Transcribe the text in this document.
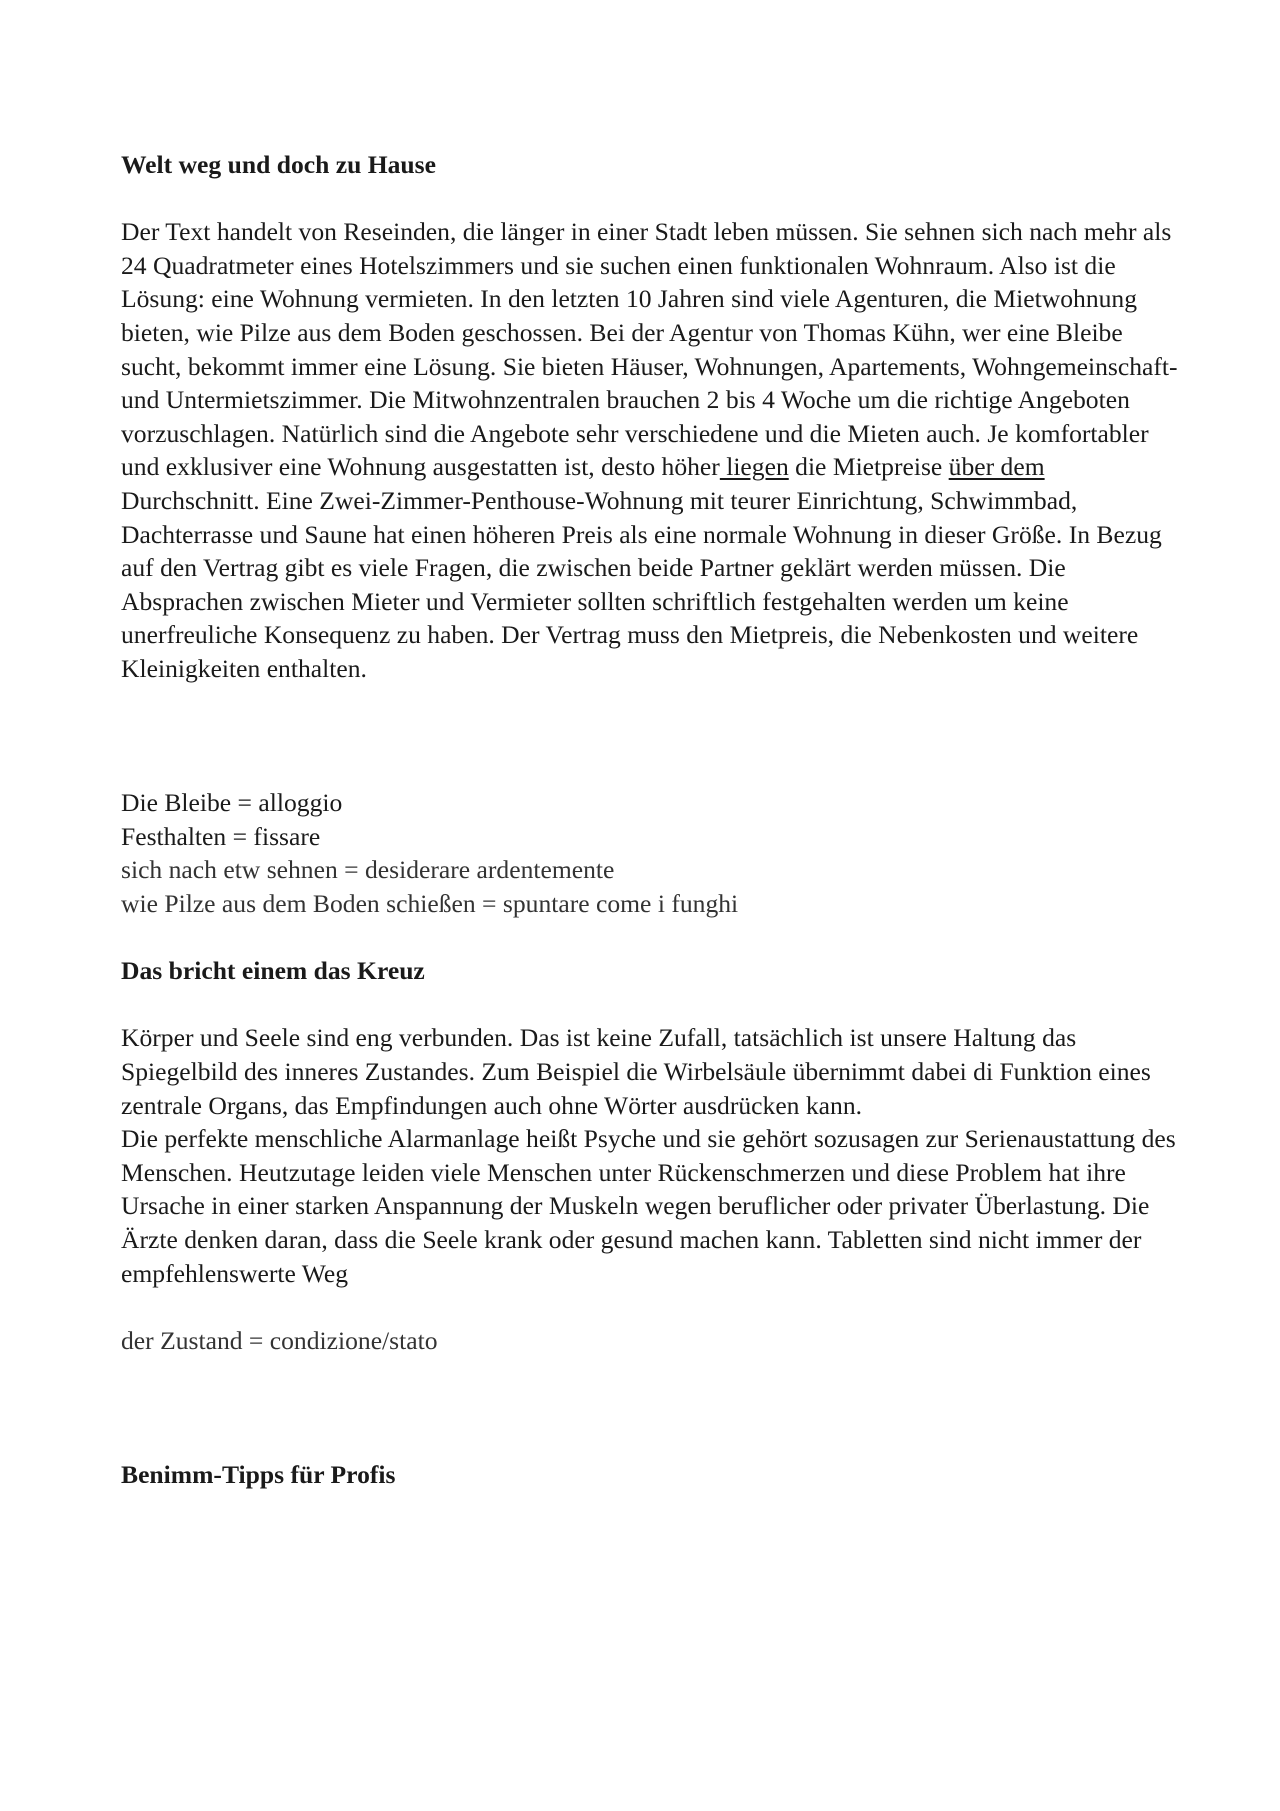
Welt weg und doch zu Hause

Der Text handelt von Reseinden, die länger in einer Stadt leben müssen. Sie sehnen sich nach mehr als 24 Quadratmeter eines Hotelszimmers und sie suchen einen funktionalen Wohnraum. Also ist die Lösung: eine Wohnung vermieten. In den letzten 10 Jahren sind viele Agenturen, die Mietwohnung bieten, wie Pilze aus dem Boden geschossen. Bei der Agentur von Thomas Kühn, wer eine Bleibe sucht, bekommt immer eine Lösung. Sie bieten Häuser, Wohnungen, Apartements, Wohngemeinschaft- und Untermietszimmer. Die Mitwohnzentralen brauchen 2 bis 4 Woche um die richtige Angeboten vorzuschlagen. Natürlich sind die Angebote sehr verschiedene und die Mieten auch. Je komfortabler und exklusiver eine Wohnung ausgestatten ist, desto höher liegen die Mietpreise über dem Durchschnitt. Eine Zwei-Zimmer-Penthouse-Wohnung mit teurer Einrichtung, Schwimmbad, Dachterrasse und Saune hat einen höheren Preis als eine normale Wohnung in dieser Größe. In Bezug auf den Vertrag gibt es viele Fragen, die zwischen beide Partner geklärt werden müssen. Die Absprachen zwischen Mieter und Vermieter sollten schriftlich festgehalten werden um keine unerfreuliche Konsequenz zu haben. Der Vertrag muss den Mietpreis, die Nebenkosten und weitere Kleinigkeiten enthalten.

Die Bleibe = alloggio
Festhalten = fissare
sich nach etw sehnen = desiderare ardentemente
wie Pilze aus dem Boden schießen = spuntare come i funghi

Das bricht einem das Kreuz

Körper und Seele sind eng verbunden. Das ist keine Zufall, tatsächlich ist unsere Haltung das Spiegelbild des inneres Zustandes. Zum Beispiel die Wirbelsäule übernimmt dabei di Funktion eines zentrale Organs, das Empfindungen auch ohne Wörter ausdrücken kann.

Die perfekte menschliche Alarmanlage heißt Psyche und sie gehört sozusagen zur Serienaustattung des Menschen. Heutzutage leiden viele Menschen unter Rückenschmerzen und diese Problem hat ihre Ursache in einer starken Anspannung der Muskeln wegen beruflicher oder privater Überlastung. Die Ärzte denken daran, dass die Seele krank oder gesund machen kann. Tabletten sind nicht immer der empfehlenswerte Weg

der Zustand = condizione/stato

Benimm-Tipps für Profis
